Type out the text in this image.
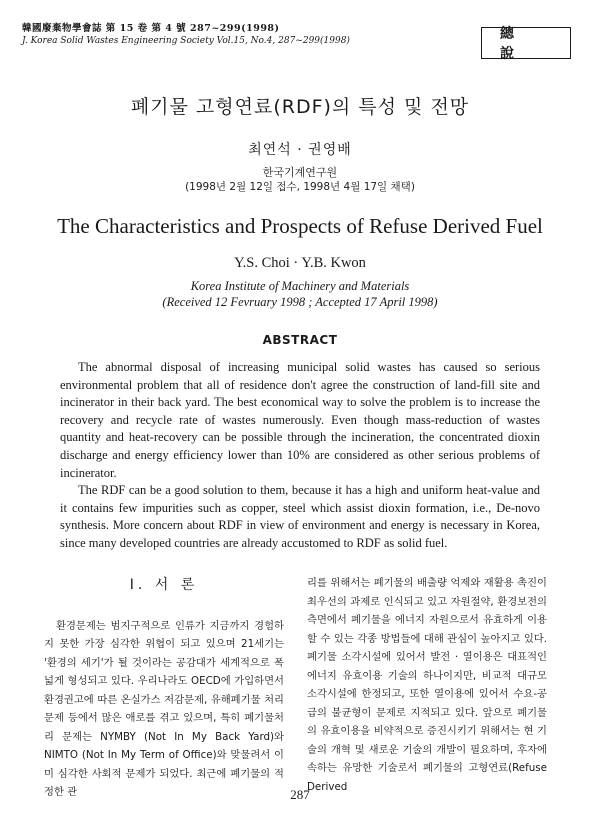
韓國廢棄物學會誌 第 15 卷 第 4 號 287~299(1998)
J. Korea Solid Wastes Engineering Society Vol.15, No.4, 287~299(1998)	總 說
폐기물 고형연료(RDF)의 특성 및 전망
최연석 · 권영배
한국기계연구원
(1998년 2월 12일 접수, 1998년 4월 17일 채택)
The Characteristics and Prospects of Refuse Derived Fuel
Y.S. Choi · Y.B. Kwon
Korea Institute of Machinery and Materials
(Received 12 Fevruary 1998 ; Accepted 17 April 1998)
ABSTRACT

The abnormal disposal of increasing municipal solid wastes has caused so serious environmental problem that all of residence don't agree the construction of land-fill site and incinerator in their back yard. The best economical way to solve the problem is to increase the recovery and recycle rate of wastes numerously. Even though mass-reduction of wastes quantity and heat-recovery can be possible through the incineration, the concentrated dioxin discharge and energy efficiency lower than 10% are considered as other serious problems of incinerator.

The RDF can be a good solution to them, because it has a high and uniform heat-value and it contains few impurities such as copper, steel which assist dioxin formation, i.e., De-novo synthesis. More concern about RDF in view of environment and energy is necessary in Korea, since many developed countries are already accustomed to RDF as solid fuel.

Ⅰ. 서 론

환경문제는 범지구적으로 인류가 지금까지 경험하지 못한 가장 심각한 위협이 되고 있으며 21세기는 '환경의 세기'가 될 것이라는 공감대가 세계적으로 폭넓게 형성되고 있다. 우리나라도 OECD에 가입하면서 환경권고에 따른 온실가스 저감문제, 유해폐기물 처리문제 등에서 많은 애로를 겪고 있으며, 특히 폐기물처리 문제는 NYMBY (Not In My Back Yard)와 NIMTO (Not In My Term of Office)와 맞물려서 이미 심각한 사회적 문제가 되었다. 최근에 폐기물의 적정한 관

리를 위해서는 폐기물의 배출량 억제와 재활용 촉진이 최우선의 과제로 인식되고 있고 자원절약, 환경보전의 측면에서 폐기물을 에너지 자원으로서 유효하게 이용할 수 있는 각종 방법들에 대해 관심이 높아지고 있다. 폐기물 소각시설에 있어서 발전 · 열이용은 대표적인 에너지 유효이용 기술의 하나이지만, 비교적 대규모 소각시설에 한정되고, 또한 열이용에 있어서 수요-공급의 불균형이 문제로 지적되고 있다. 앞으로 폐기물의 유효이용을 비약적으로 증진시키기 위해서는 현 기술의 개혁 및 새로운 기술의 개발이 필요하며, 후자에 속하는 유망한 기술로서 폐기물의 고형연료(Refuse Derived

287
